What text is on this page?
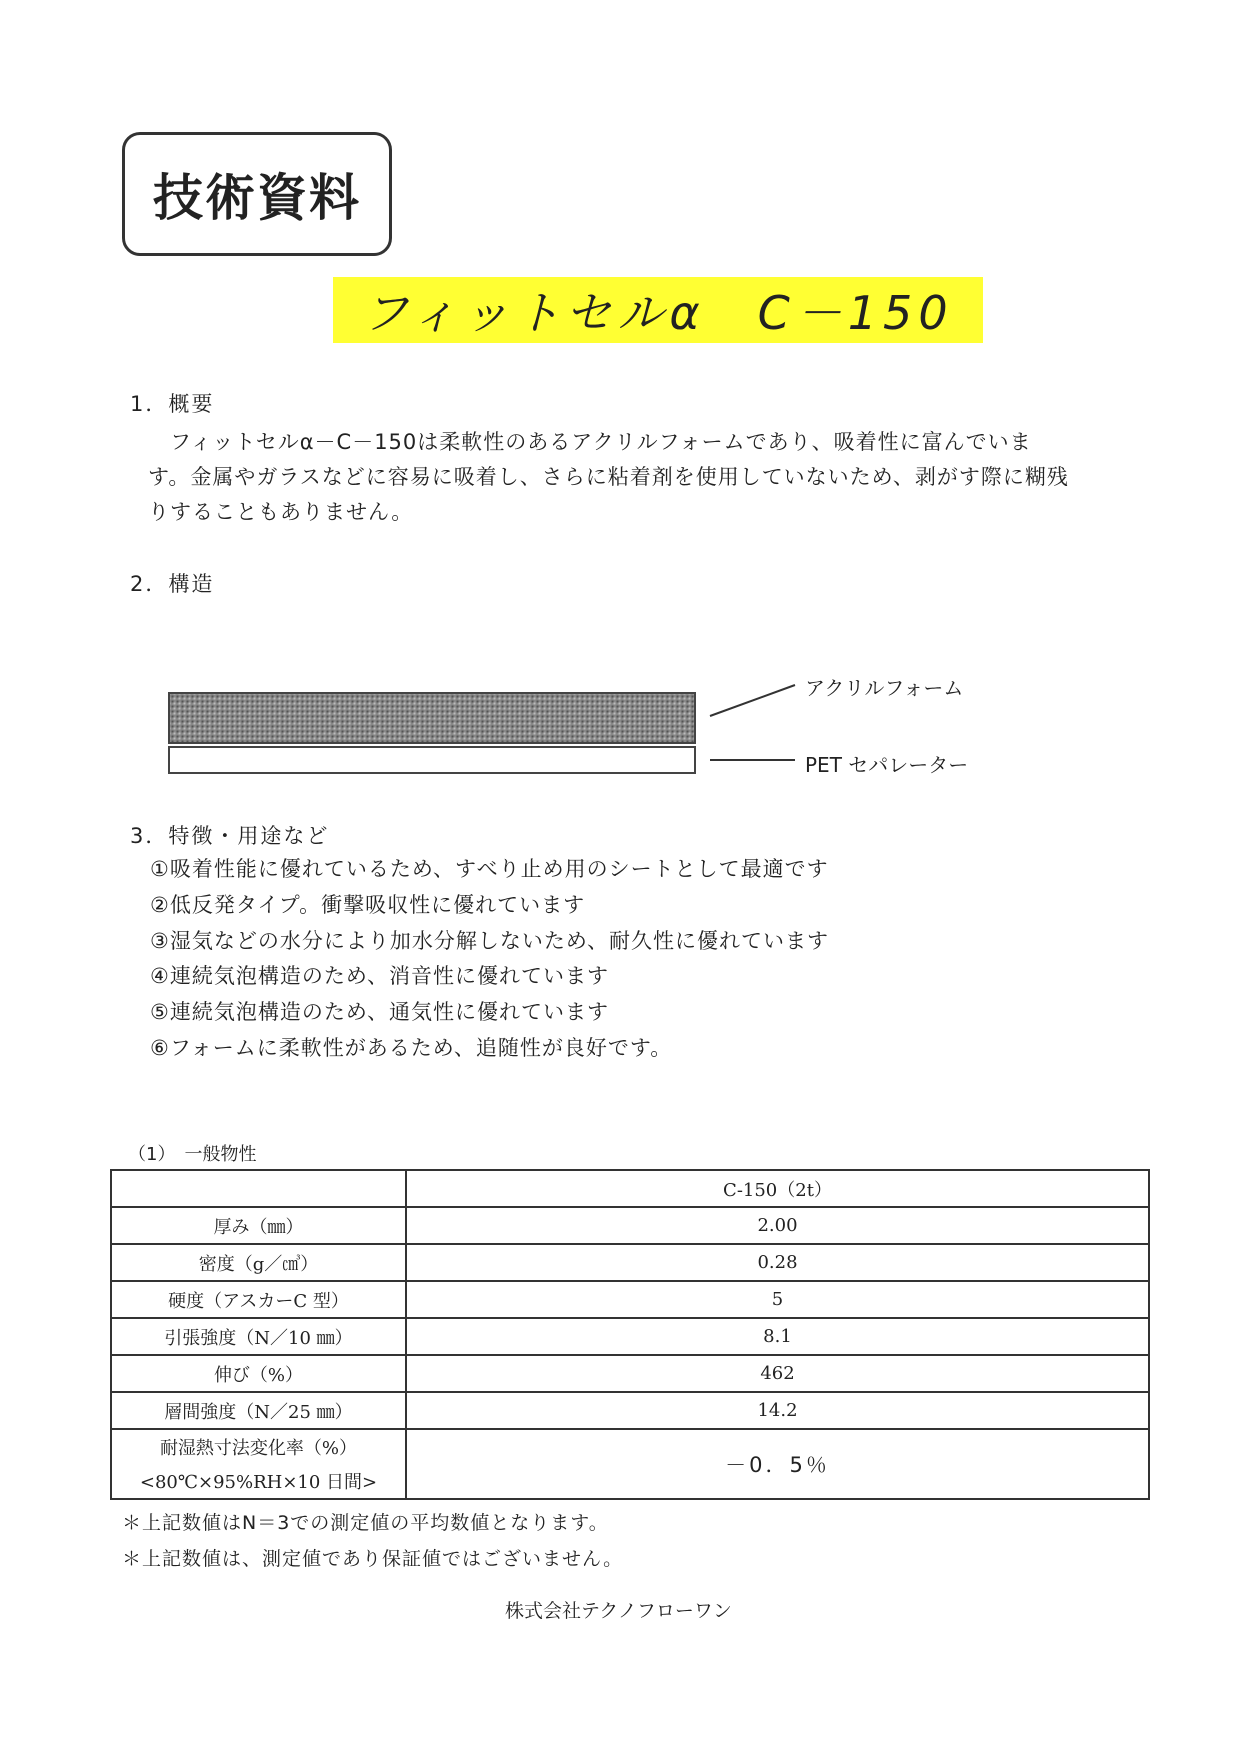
技術資料
フィットセルα　C－150
1．概要
フィットセルα－C－150は柔軟性のあるアクリルフォームであり、吸着性に富んでいま
す。金属やガラスなどに容易に吸着し、さらに粘着剤を使用していないため、剥がす際に糊残
りすることもありません。
2．構造
アクリルフォーム
PET セパレーター
3．特徴・用途など
①吸着性能に優れているため、すべり止め用のシートとして最適です
②低反発タイプ。衝撃吸収性に優れています
③湿気などの水分により加水分解しないため、耐久性に優れています
④連続気泡構造のため、消音性に優れています
⑤連続気泡構造のため、通気性に優れています
⑥フォームに柔軟性があるため、追随性が良好です。
（1）　一般物性
	C-150（2t）
厚み（㎜）	2.00
密度（g／㎤）	0.28
硬度（アスカーC 型）	5
引張強度（N／10 ㎜）	8.1
伸び（%）	462
層間強度（N／25 ㎜）	14.2

耐湿熱寸法変化率（%）
<80℃×95%RH×10 日間>	－0．5％
＊上記数値はN＝3での測定値の平均数値となります。
＊上記数値は、測定値であり保証値ではございません。
株式会社テクノフローワン
